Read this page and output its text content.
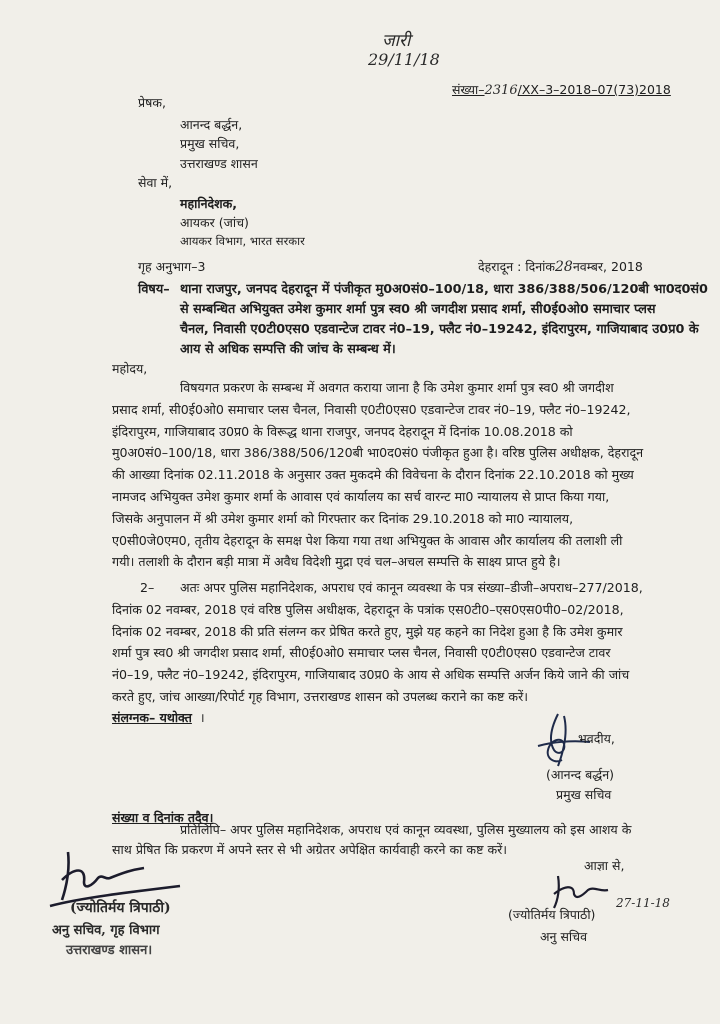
जारी
29/11/18
संख्या–2316/XX–3–2018–07(73)2018
प्रेषक,
आनन्द बर्द्धन,
प्रमुख सचिव,
उत्तराखण्ड शासन
सेवा में,
महानिदेशक,
आयकर (जांच)
आयकर विभाग, भारत सरकार
गृह अनुभाग–3	देहरादून : दिनांक28नवम्बर, 2018
विषय– थाना राजपुर, जनपद देहरादून में पंजीकृत मु0अ0सं0–100/18, धारा 386/388/506/120बी भा0द0सं0
से सम्बन्धित अभियुक्त उमेश कुमार शर्मा पुत्र स्व0 श्री जगदीश प्रसाद शर्मा, सी0ई0ओ0 समाचार प्लस
चैनल, निवासी ए0टी0एस0 एडवान्टेज टावर नं0–19, फ्लैट नं0–19242, इंदिरापुरम, गाजियाबाद उ0प्र0 के
आय से अधिक सम्पत्ति की जांच के सम्बन्ध में।
महोदय,

विषयगत प्रकरण के सम्बन्ध में अवगत कराया जाना है कि उमेश कुमार शर्मा पुत्र स्व0 श्री जगदीश

प्रसाद शर्मा, सी0ई0ओ0 समाचार प्लस चैनल, निवासी ए0टी0एस0 एडवान्टेज टावर नं0–19, फ्लैट नं0–19242,

इंदिरापुरम, गाजियाबाद उ0प्र0 के विरूद्ध थाना राजपुर, जनपद देहरादून में दिनांक 10.08.2018 को

मु0अ0सं0–100/18, धारा 386/388/506/120बी भा0द0सं0 पंजीकृत हुआ है। वरिष्ठ पुलिस अधीक्षक, देहरादून

की आख्या दिनांक 02.11.2018 के अनुसार उक्त मुकदमे की विवेचना के दौरान दिनांक 22.10.2018 को मुख्य

नामजद अभियुक्त उमेश कुमार शर्मा के आवास एवं कार्यालय का सर्च वारन्ट मा0 न्यायालय से प्राप्त किया गया,

जिसके अनुपालन में श्री उमेश कुमार शर्मा को गिरफ्तार कर दिनांक 29.10.2018 को मा0 न्यायालय,

ए0सी0जे0एम0, तृतीय देहरादून के समक्ष पेश किया गया तथा अभियुक्त के आवास और कार्यालय की तलाशी ली

गयी। तलाशी के दौरान बड़ी मात्रा में अवैध विदेशी मुद्रा एवं चल–अचल सम्पत्ति के साक्ष्य प्राप्त हुये है।

2–	अतः अपर पुलिस महानिदेशक, अपराध एवं कानून व्यवस्था के पत्र संख्या–डीजी–अपराध–277/2018,

दिनांक 02 नवम्बर, 2018 एवं वरिष्ठ पुलिस अधीक्षक, देहरादून के पत्रांक एस0टी0–एस0एस0पी0–02/2018,

दिनांक 02 नवम्बर, 2018 की प्रति संलग्न कर प्रेषित करते हुए, मुझे यह कहने का निदेश हुआ है कि उमेश कुमार

शर्मा पुत्र स्व0 श्री जगदीश प्रसाद शर्मा, सी0ई0ओ0 समाचार प्लस चैनल, निवासी ए0टी0एस0 एडवान्टेज टावर

नं0–19, फ्लैट नं0–19242, इंदिरापुरम, गाजियाबाद उ0प्र0 के आय से अधिक सम्पत्ति अर्जन किये जाने की जांच

करते हुए, जांच आख्या/रिपोर्ट गृह विभाग, उत्तराखण्ड शासन को उपलब्ध कराने का कष्ट करें।

संलग्नक– यथोक्त ।
भवदीय,
(आनन्द बर्द्धन)
प्रमुख सचिव
संख्या व दिनांक तदैव।

प्रतिलिपि– अपर पुलिस महानिदेशक, अपराध एवं कानून व्यवस्था, पुलिस मुख्यालय को इस आशय के

साथ प्रेषित कि प्रकरण में अपने स्तर से भी अग्रेतर अपेक्षित कार्यवाही करने का कष्ट करें।

(ज्योतिर्मय त्रिपाठी)
अनु सचिव, गृह विभाग
उत्तराखण्ड शासन।
आज्ञा से,
27-11-18
(ज्योतिर्मय त्रिपाठी)
अनु सचिव
